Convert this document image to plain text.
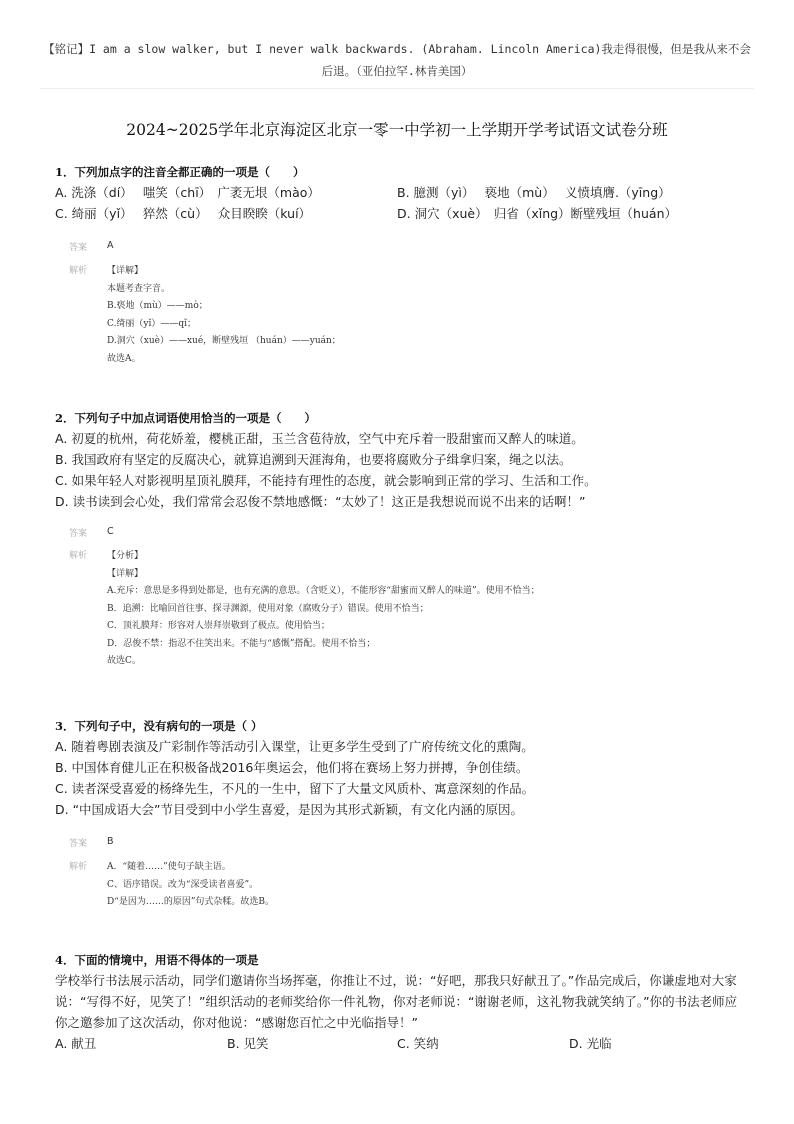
【铭记】I am a slow walker, but I never walk backwards. (Abraham. Lincoln America)我走得很慢，但是我从来不会后退。（亚伯拉罕.林肯美国）
2024~2025学年北京海淀区北京一零一中学初一上学期开学考试语文试卷分班
1．下列加点字的注音全都正确的一项是（　　）
A. 洗涤（dí）　 嗤笑（chī）　广袤无垠（mào）	B. 臆测（yì）　 亵地（mù）　 义愤填膺.（yīng）
C. 绮丽（yǐ）　 猝然（cù）　 众目睽睽（kuí）	D. 洞穴（xuè）　归省（xǐng）断壁残垣（huán）
答案 A
解析 【详解】
本题考查字音。
B.亵地（mù）——mò；
C.绮丽（yǐ）——qǐ；
D.洞穴（xuè）——xué，断壁残垣 （huán）——yuán；
故选A。
2．下列句子中加点词语使用恰当的一项是（　　）
A. 初夏的杭州，荷花娇羞，樱桃正甜，玉兰含苞待放，空气中充斥着一股甜蜜而又醉人的味道。
B. 我国政府有坚定的反腐决心，就算追溯到天涯海角，也要将腐败分子缉拿归案，绳之以法。
C. 如果年轻人对影视明星顶礼膜拜，不能持有理性的态度，就会影响到正常的学习、生活和工作。
D. 读书读到会心处，我们常常会忍俊不禁地感慨：“太妙了！这正是我想说而说不出来的话啊！”
答案 C
解析 【分析】
【详解】
A.充斥：意思是多得到处都是，也有充满的意思。（含贬义），不能形容“甜蜜而又醉人的味道”。使用不恰当；
B．追溯：比喻回首往事、探寻渊源，使用对象（腐败分子）错误。使用不恰当；
C．顶礼膜拜：形容对人崇拜崇敬到了极点。使用恰当；
D．忍俊不禁：指忍不住笑出来。不能与“感慨”搭配。使用不恰当；
故选C。
3．下列句子中，没有病句的一项是（ ）
A. 随着粤剧表演及广彩制作等活动引入课堂，让更多学生受到了广府传统文化的熏陶。
B. 中国体育健儿正在积极备战2016年奥运会，他们将在赛场上努力拼搏，争创佳绩。
C. 读者深受喜爱的杨绛先生，不凡的一生中，留下了大量文风质朴、寓意深刻的作品。
D. “中国成语大会”节目受到中小学生喜爱，是因为其形式新颖，有文化内涵的原因。
答案 B
解析 A．“随着……”使句子缺主语。
C、语序错误。改为“深受读者喜爱”。
D“是因为……的原因”句式杂糅。故选B。
4．下面的情境中，用语不得体的一项是
学校举行书法展示活动，同学们邀请你当场挥毫，你推让不过，说：“好吧，那我只好献丑了。”作品完成后，你谦虚地对大家说：“写得不好，见笑了！”组织活动的老师奖给你一件礼物，你对老师说：“谢谢老师，这礼物我就笑纳了。”你的书法老师应你之邀参加了这次活动，你对他说：“感谢您百忙之中光临指导！”
A. 献丑	B. 见笑	C. 笑纳	D. 光临
